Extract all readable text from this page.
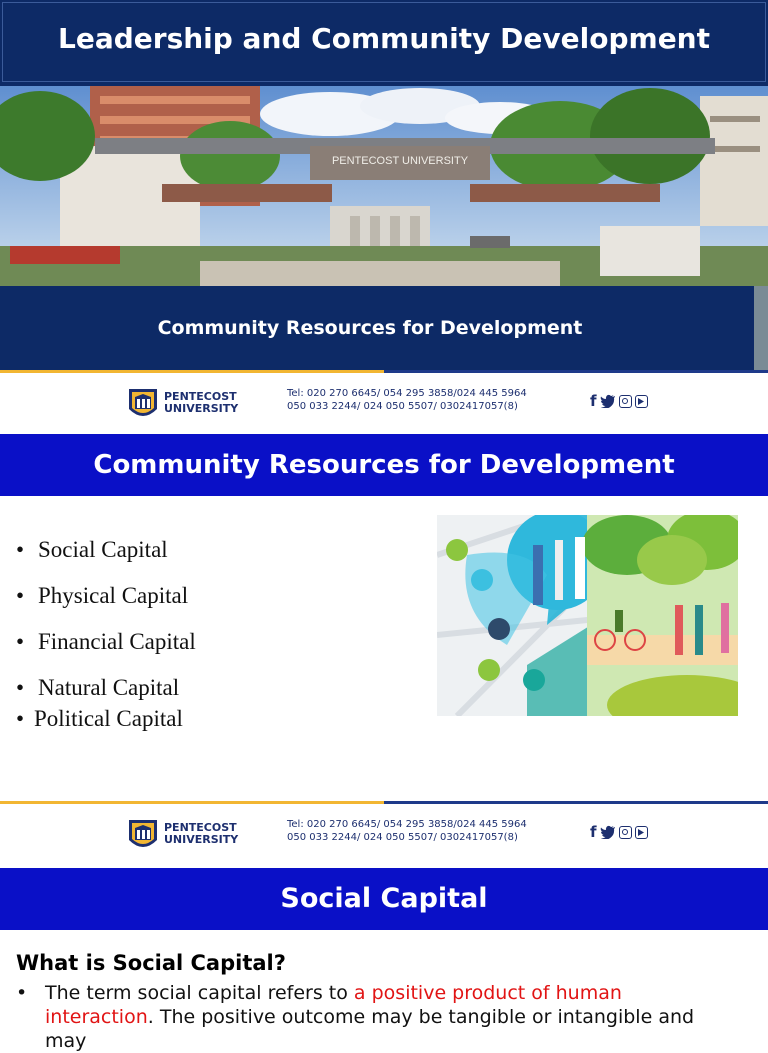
Leadership and Community Development
PENTECOST UNIVERSITY
Community Resources for Development
PENTECOST
UNIVERSITY
Tel: 020 270 6645/ 054 295 3858/024 445 5964
050 033 2244/ 024 050 5507/ 0302417057(8)	f
Community Resources for Development
• Social Capital
• Physical Capital
• Financial Capital
• Natural Capital
• Political Capital
PENTECOST
UNIVERSITY
Tel: 020 270 6645/ 054 295 3858/024 445 5964
050 033 2244/ 024 050 5507/ 0302417057(8)	f
Social Capital
What is Social Capital?
• The term social capital refers to a positive product of human
interaction. The positive outcome may be tangible or intangible and may
